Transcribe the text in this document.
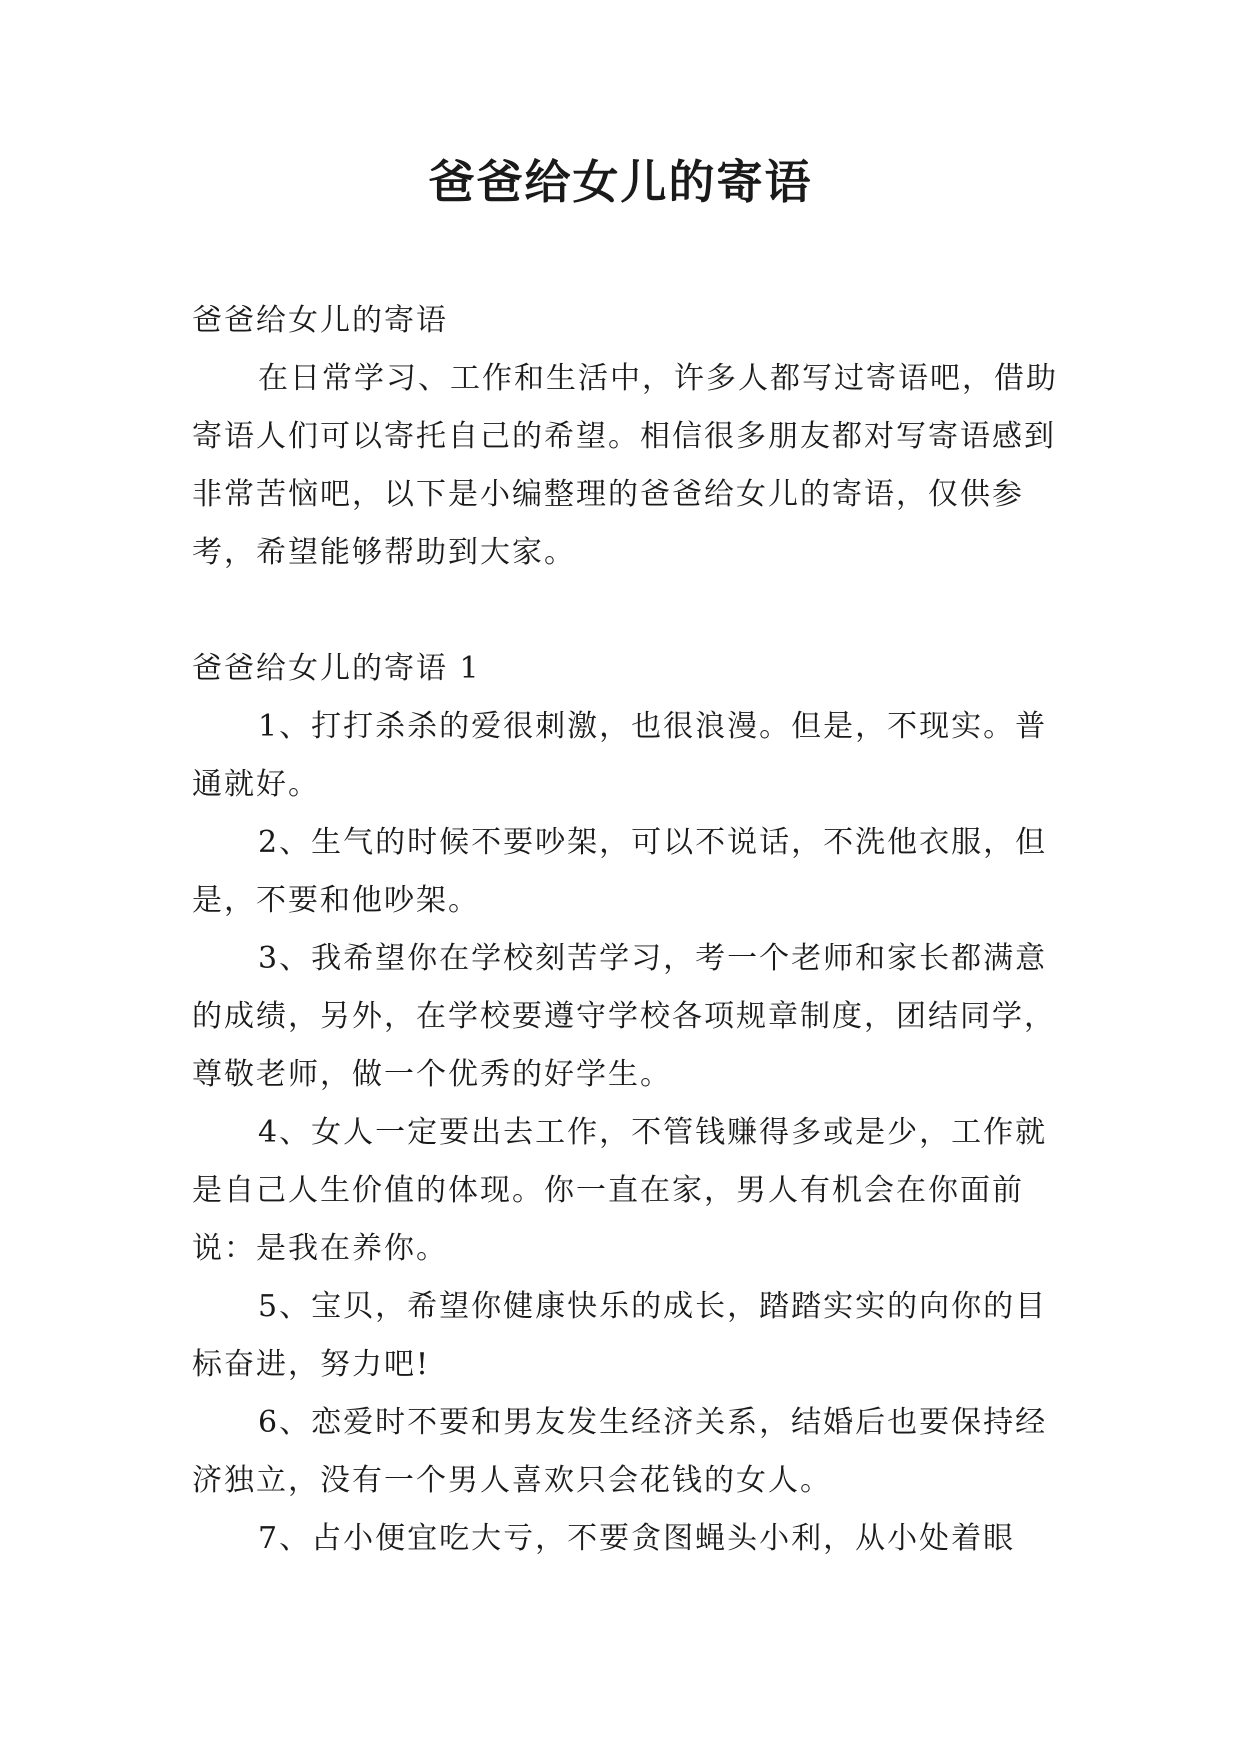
爸爸给女儿的寄语

爸爸给女儿的寄语

在日常学习、工作和生活中，许多人都写过寄语吧，借助寄语人们可以寄托自己的希望。相信很多朋友都对写寄语感到非常苦恼吧，以下是小编整理的爸爸给女儿的寄语，仅供参考，希望能够帮助到大家。

爸爸给女儿的寄语 1

1、打打杀杀的爱很刺激，也很浪漫。但是，不现实。普通就好。

2、生气的时候不要吵架，可以不说话，不洗他衣服，但是，不要和他吵架。

3、我希望你在学校刻苦学习，考一个老师和家长都满意的成绩，另外，在学校要遵守学校各项规章制度，团结同学，尊敬老师，做一个优秀的好学生。

4、女人一定要出去工作，不管钱赚得多或是少，工作就是自己人生价值的体现。你一直在家，男人有机会在你面前说：是我在养你。

5、宝贝，希望你健康快乐的成长，踏踏实实的向你的目标奋进，努力吧!

6、恋爱时不要和男友发生经济关系，结婚后也要保持经济独立，没有一个男人喜欢只会花钱的女人。

7、占小便宜吃大亏，不要贪图蝇头小利，从小处着眼
